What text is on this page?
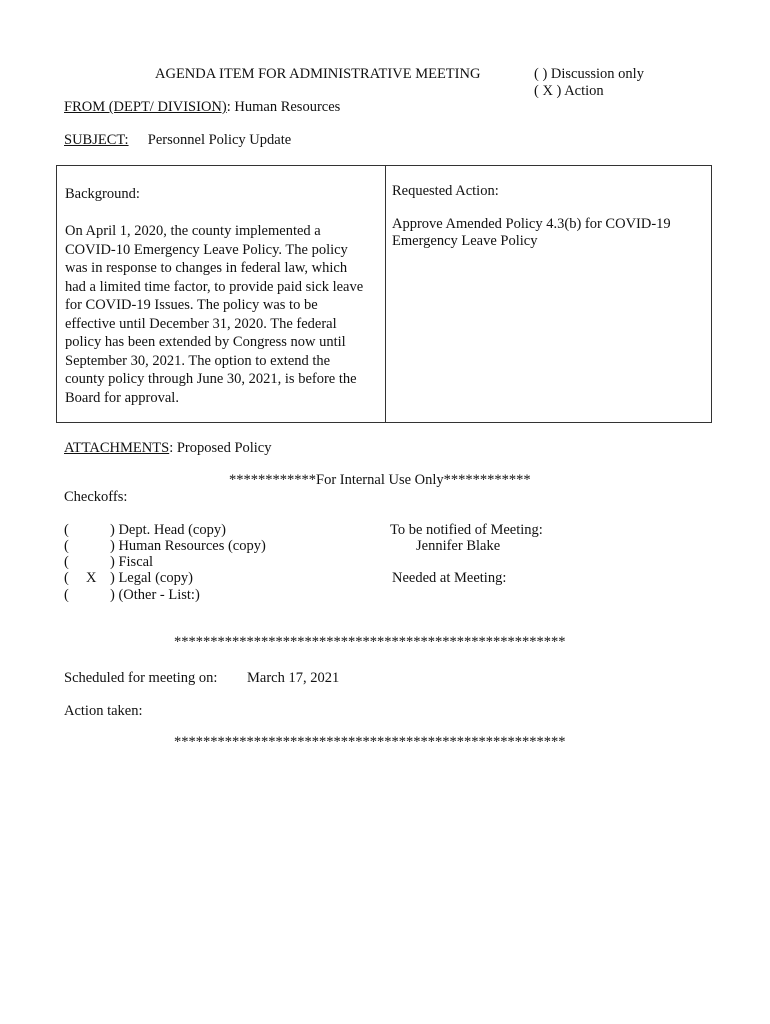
AGENDA ITEM FOR ADMINISTRATIVE MEETING	( ) Discussion only
( X ) Action
FROM (DEPT/ DIVISION): Human Resources
SUBJECT: Personnel Policy Update
Background:
On April 1, 2020, the county implemented a
COVID-10 Emergency Leave Policy. The policy
was in response to changes in federal law, which
had a limited time factor, to provide paid sick leave
for COVID-19 Issues. The policy was to be
effective until December 31, 2020. The federal
policy has been extended by Congress now until
September 30, 2021. The option to extend the
county policy through June 30, 2021, is before the
Board for approval.
Requested Action:
Approve Amended Policy 4.3(b) for COVID-19
Emergency Leave Policy
ATTACHMENTS: Proposed Policy
************For Internal Use Only************
Checkoffs:
(	) Dept. Head (copy)
(	) Human Resources (copy)
(	) Fiscal
( X ) Legal (copy)
(	) (Other - List:)
To be notified of Meeting:
Jennifer Blake
Needed at Meeting:
******************************************************
Scheduled for meeting on: March 17, 2021
Action taken:
******************************************************
